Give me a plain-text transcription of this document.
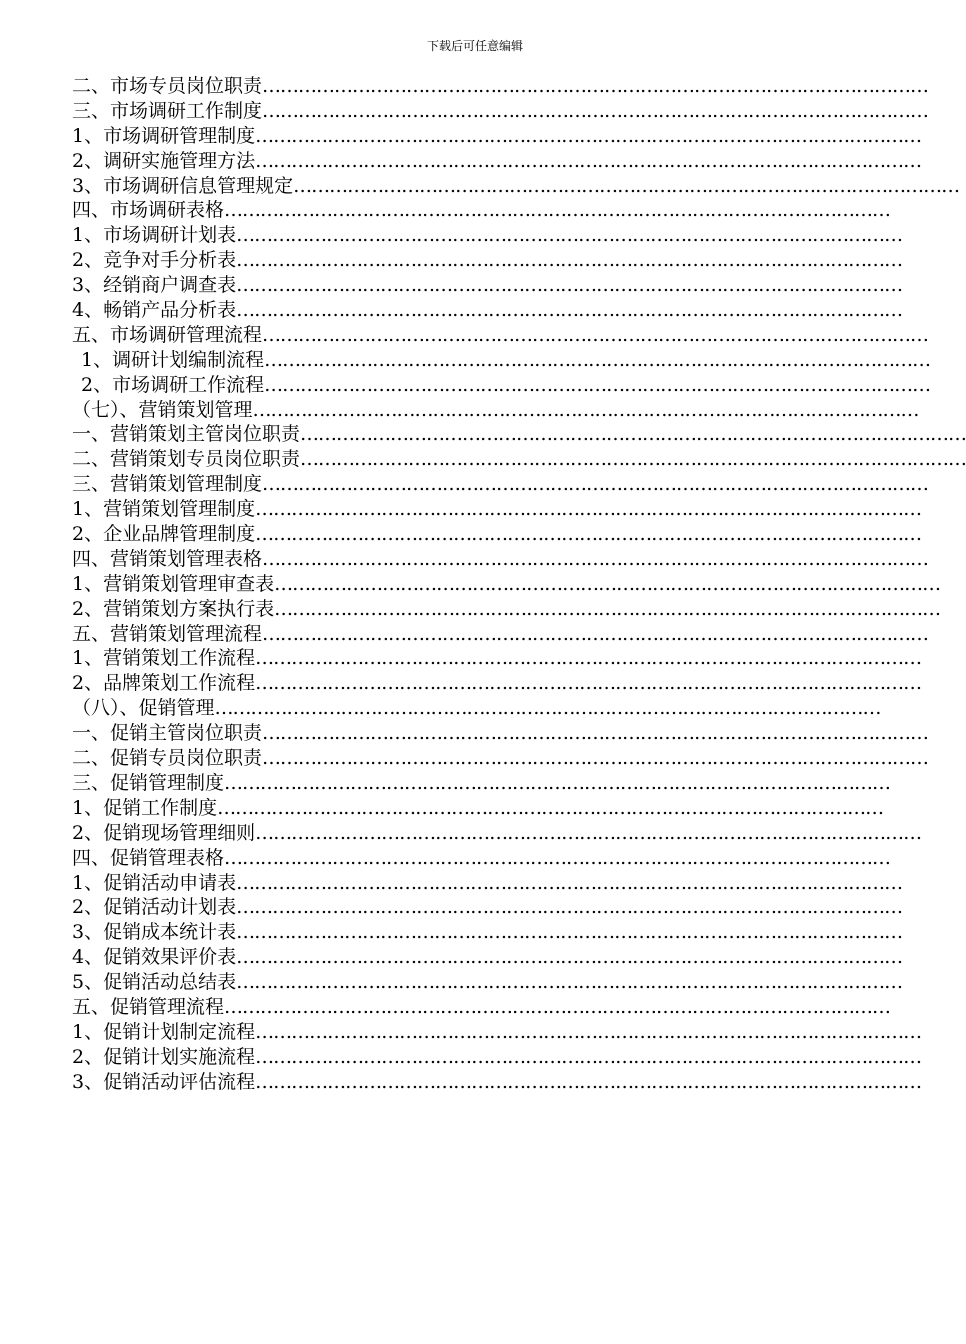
下载后可任意编辑
二、市场专员岗位职责…………………………………………………………………………………………………
三、市场调研工作制度…………………………………………………………………………………………………
1、市场调研管理制度…………………………………………………………………………………………………
2、调研实施管理方法…………………………………………………………………………………………………
3、市场调研信息管理规定…………………………………………………………………………………………………
四、市场调研表格…………………………………………………………………………………………………
1、市场调研计划表…………………………………………………………………………………………………
2、竞争对手分析表…………………………………………………………………………………………………
3、经销商户调查表…………………………………………………………………………………………………
4、畅销产品分析表…………………………………………………………………………………………………
五、市场调研管理流程…………………………………………………………………………………………………
1、调研计划编制流程…………………………………………………………………………………………………
2、市场调研工作流程…………………………………………………………………………………………………
（七）、营销策划管理…………………………………………………………………………………………………
一、营销策划主管岗位职责…………………………………………………………………………………………………
二、营销策划专员岗位职责…………………………………………………………………………………………………
三、营销策划管理制度…………………………………………………………………………………………………
1、营销策划管理制度…………………………………………………………………………………………………
2、企业品牌管理制度…………………………………………………………………………………………………
四、营销策划管理表格…………………………………………………………………………………………………
1、营销策划管理审查表…………………………………………………………………………………………………
2、营销策划方案执行表…………………………………………………………………………………………………
五、营销策划管理流程…………………………………………………………………………………………………
1、营销策划工作流程…………………………………………………………………………………………………
2、品牌策划工作流程…………………………………………………………………………………………………
（八）、促销管理…………………………………………………………………………………………………
一、促销主管岗位职责…………………………………………………………………………………………………
二、促销专员岗位职责…………………………………………………………………………………………………
三、促销管理制度…………………………………………………………………………………………………
1、促销工作制度…………………………………………………………………………………………………
2、促销现场管理细则…………………………………………………………………………………………………
四、促销管理表格…………………………………………………………………………………………………
1、促销活动申请表…………………………………………………………………………………………………
2、促销活动计划表…………………………………………………………………………………………………
3、促销成本统计表…………………………………………………………………………………………………
4、促销效果评价表…………………………………………………………………………………………………
5、促销活动总结表…………………………………………………………………………………………………
五、促销管理流程…………………………………………………………………………………………………
1、促销计划制定流程…………………………………………………………………………………………………
2、促销计划实施流程…………………………………………………………………………………………………
3、促销活动评估流程…………………………………………………………………………………………………
